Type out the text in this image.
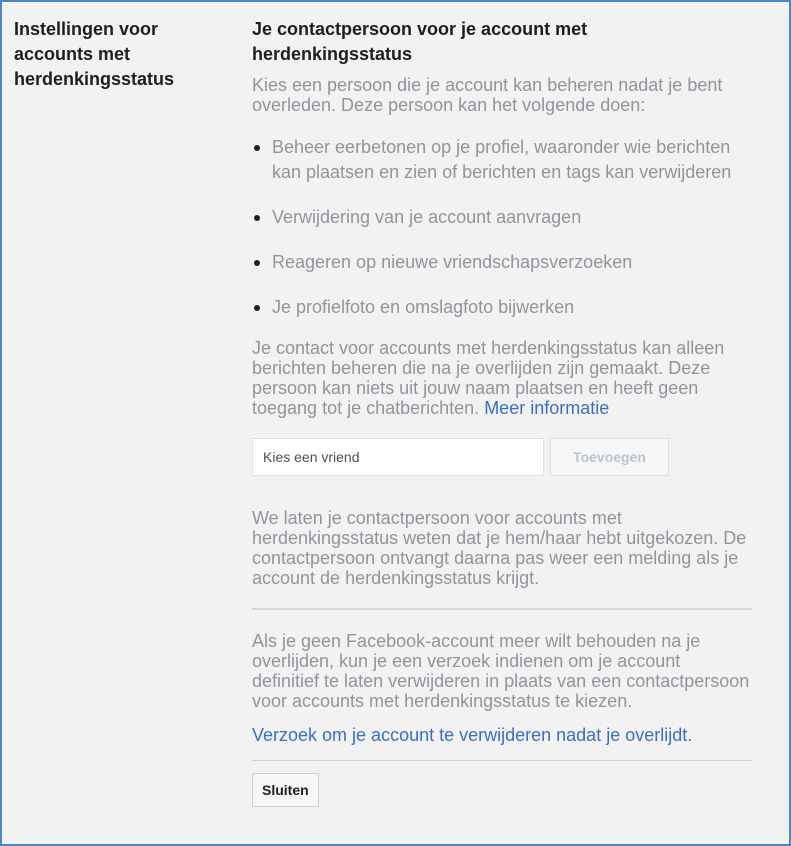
Instellingen voor accounts met herdenkingsstatus
Je contactpersoon voor je account met herdenkingsstatus

Kies een persoon die je account kan beheren nadat je bent overleden. Deze persoon kan het volgende doen:

Beheer eerbetonen op je profiel, waaronder wie berichten kan plaatsen en zien of berichten en tags kan verwijderen
Verwijdering van je account aanvragen
Reageren op nieuwe vriendschapsverzoeken
Je profielfoto en omslagfoto bijwerken

Je contact voor accounts met herdenkingsstatus kan alleen berichten beheren die na je overlijden zijn gemaakt. Deze persoon kan niets uit jouw naam plaatsen en heeft geen toegang tot je chatberichten. Meer informatie

Kies een vriend
Toevoegen

We laten je contactpersoon voor accounts met herdenkingsstatus weten dat je hem/haar hebt uitgekozen. De contactpersoon ontvangt daarna pas weer een melding als je account de herdenkingsstatus krijgt.

Als je geen Facebook-account meer wilt behouden na je overlijden, kun je een verzoek indienen om je account definitief te laten verwijderen in plaats van een contactpersoon voor accounts met herdenkingsstatus te kiezen.

Verzoek om je account te verwijderen nadat je overlijdt.

Sluiten
